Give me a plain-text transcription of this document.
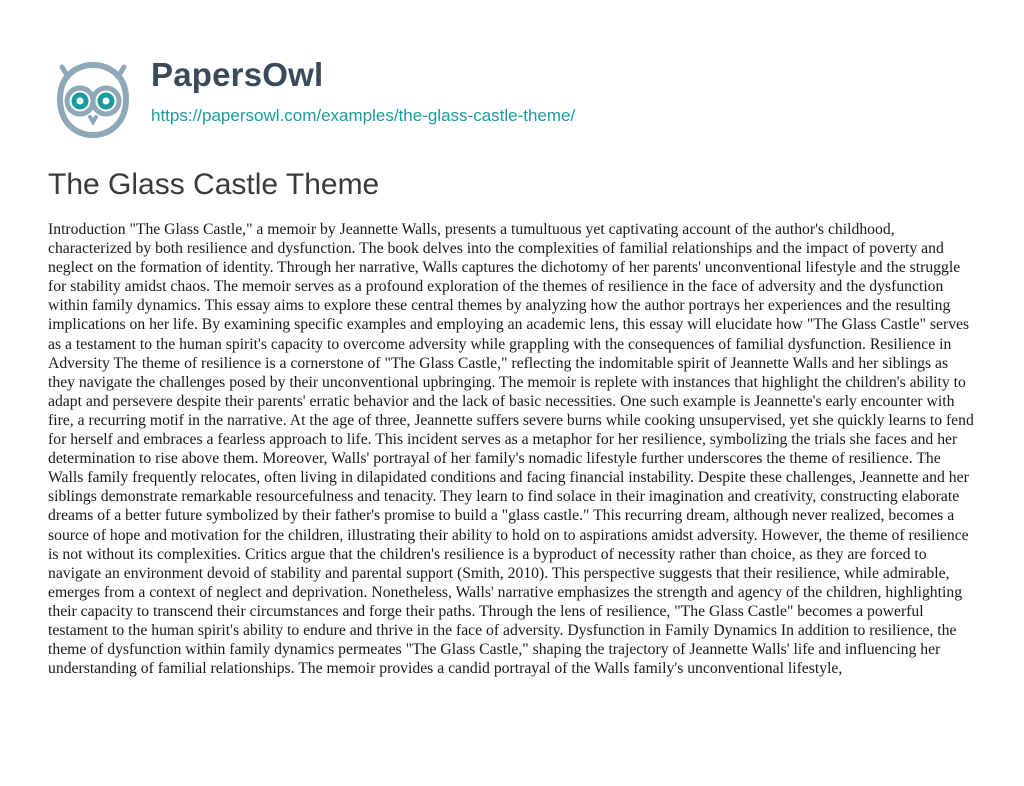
PapersOwl
https://papersowl.com/examples/the-glass-castle-theme/
The Glass Castle Theme

Introduction "The Glass Castle," a memoir by Jeannette Walls, presents a tumultuous yet captivating account of the author's childhood, characterized by both resilience and dysfunction. The book delves into the complexities of familial relationships and the impact of poverty and neglect on the formation of identity. Through her narrative, Walls captures the dichotomy of her parents' unconventional lifestyle and the struggle for stability amidst chaos. The memoir serves as a profound exploration of the themes of resilience in the face of adversity and the dysfunction within family dynamics. This essay aims to explore these central themes by analyzing how the author portrays her experiences and the resulting implications on her life. By examining specific examples and employing an academic lens, this essay will elucidate how "The Glass Castle" serves as a testament to the human spirit's capacity to overcome adversity while grappling with the consequences of familial dysfunction. Resilience in Adversity The theme of resilience is a cornerstone of "The Glass Castle," reflecting the indomitable spirit of Jeannette Walls and her siblings as they navigate the challenges posed by their unconventional upbringing. The memoir is replete with instances that highlight the children's ability to adapt and persevere despite their parents' erratic behavior and the lack of basic necessities. One such example is Jeannette's early encounter with fire, a recurring motif in the narrative. At the age of three, Jeannette suffers severe burns while cooking unsupervised, yet she quickly learns to fend for herself and embraces a fearless approach to life. This incident serves as a metaphor for her resilience, symbolizing the trials she faces and her determination to rise above them. Moreover, Walls' portrayal of her family's nomadic lifestyle further underscores the theme of resilience. The Walls family frequently relocates, often living in dilapidated conditions and facing financial instability. Despite these challenges, Jeannette and her siblings demonstrate remarkable resourcefulness and tenacity. They learn to find solace in their imagination and creativity, constructing elaborate dreams of a better future symbolized by their father's promise to build a "glass castle." This recurring dream, although never realized, becomes a source of hope and motivation for the children, illustrating their ability to hold on to aspirations amidst adversity. However, the theme of resilience is not without its complexities. Critics argue that the children's resilience is a byproduct of necessity rather than choice, as they are forced to navigate an environment devoid of stability and parental support (Smith, 2010). This perspective suggests that their resilience, while admirable, emerges from a context of neglect and deprivation. Nonetheless, Walls' narrative emphasizes the strength and agency of the children, highlighting their capacity to transcend their circumstances and forge their paths. Through the lens of resilience, "The Glass Castle" becomes a powerful testament to the human spirit's ability to endure and thrive in the face of adversity. Dysfunction in Family Dynamics In addition to resilience, the theme of dysfunction within family dynamics permeates "The Glass Castle," shaping the trajectory of Jeannette Walls' life and influencing her understanding of familial relationships. The memoir provides a candid portrayal of the Walls family's unconventional lifestyle,
